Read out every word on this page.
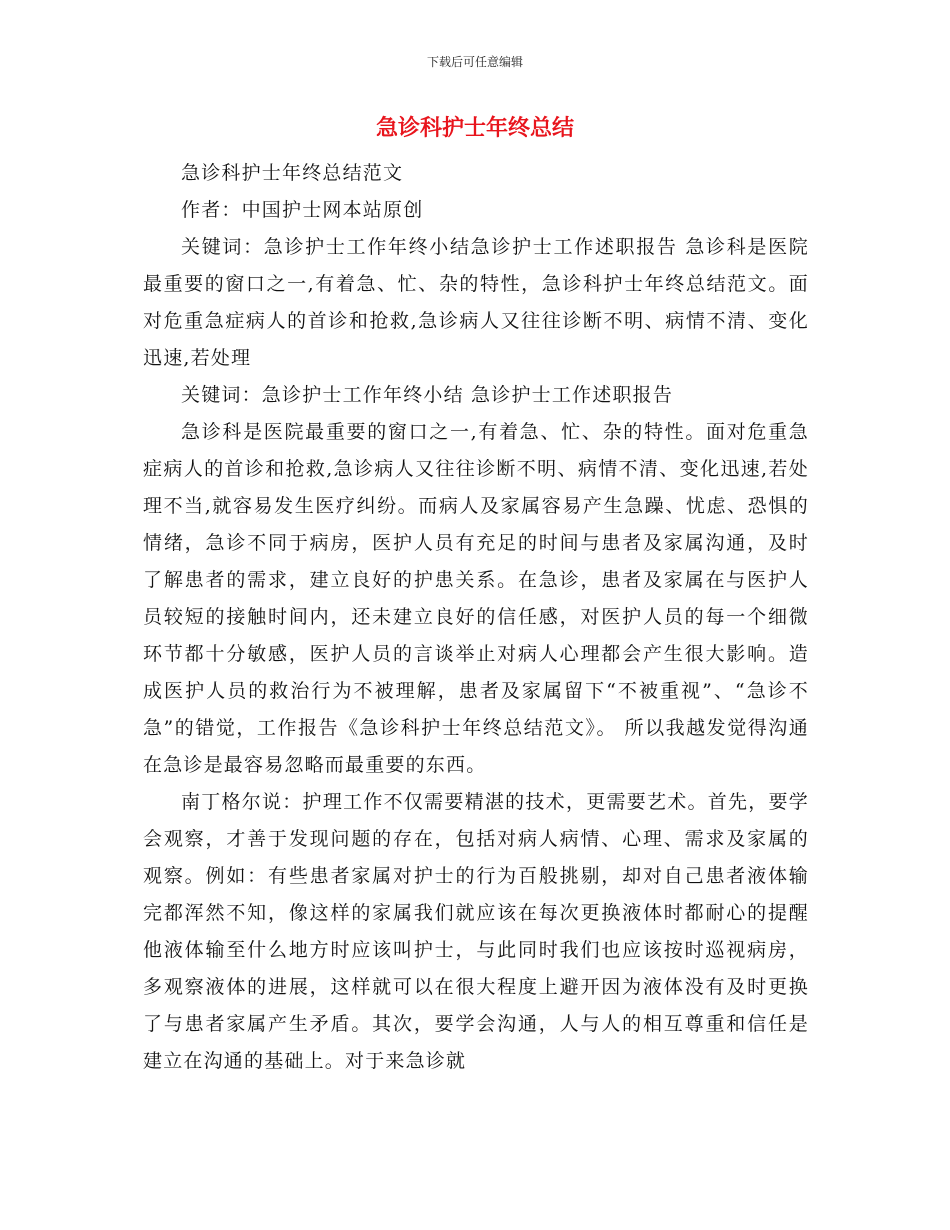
下载后可任意编辑
急诊科护士年终总结

急诊科护士年终总结范文

作者：中国护士网本站原创

关键词：急诊护士工作年终小结急诊护士工作述职报告 急诊科是医院最重要的窗口之一,有着急、忙、杂的特性，急诊科护士年终总结范文。面对危重急症病人的首诊和抢救,急诊病人又往往诊断不明、病情不清、变化迅速,若处理

关键词：急诊护士工作年终小结 急诊护士工作述职报告

急诊科是医院最重要的窗口之一,有着急、忙、杂的特性。面对危重急症病人的首诊和抢救,急诊病人又往往诊断不明、病情不清、变化迅速,若处理不当,就容易发生医疗纠纷。而病人及家属容易产生急躁、忧虑、恐惧的情绪，急诊不同于病房，医护人员有充足的时间与患者及家属沟通，及时了解患者的需求，建立良好的护患关系。在急诊，患者及家属在与医护人员较短的接触时间内，还未建立良好的信任感，对医护人员的每一个细微环节都十分敏感，医护人员的言谈举止对病人心理都会产生很大影响。造成医护人员的救治行为不被理解，患者及家属留下“不被重视”、“急诊不急”的错觉，工作报告《急诊科护士年终总结范文》。 所以我越发觉得沟通在急诊是最容易忽略而最重要的东西。

南丁格尔说：护理工作不仅需要精湛的技术，更需要艺术。首先，要学会观察，才善于发现问题的存在，包括对病人病情、心理、需求及家属的观察。例如：有些患者家属对护士的行为百般挑剔，却对自己患者液体输完都浑然不知，像这样的家属我们就应该在每次更换液体时都耐心的提醒他液体输至什么地方时应该叫护士，与此同时我们也应该按时巡视病房，多观察液体的进展，这样就可以在很大程度上避开因为液体没有及时更换了与患者家属产生矛盾。其次，要学会沟通，人与人的相互尊重和信任是建立在沟通的基础上。对于来急诊就
